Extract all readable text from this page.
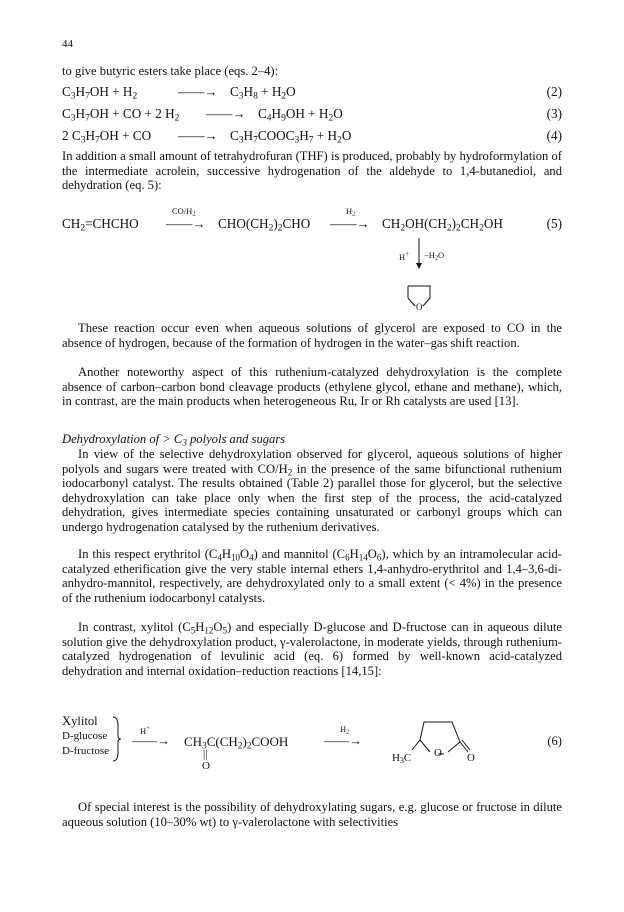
44
to give butyric esters take place (eqs. 2–4):
$C_3H_7OH + H_2$	——→ $C_3H_8 + H_2O$	(2)
$C_3H_7OH$ + CO + 2 $H_2$ ——→ $C_4H_9OH + H_2O$	(3)
2 $C_3H_7OH$ + CO ——→ $C_3H_7COOC_3H_7 + H_2O$	(4)
In addition a small amount of tetrahydrofuran (THF) is produced, probably by hydroformylation of the intermediate acrolein, successive hydrogenation of the aldehyde to 1,4-butanediol, and dehydration (eq. 5):
$CH_2=CHCHO$
$CO/H_2$
——→ $CHO(CH_2)_2CHO$
$H_2$
——→ $CH_2OH(CH_2)_2CH_2OH$	(5)
$H^+ -H_2O$
O
These reaction occur even when aqueous solutions of glycerol are exposed to CO in the absence of hydrogen, because of the formation of hydrogen in the water–gas shift reaction.
Another noteworthy aspect of this ruthenium-catalyzed dehydroxylation is the complete absence of carbon–carbon bond cleavage products (ethylene glycol, ethane and methane), which, in contrast, are the main products when heterogeneous Ru, Ir or Rh catalysts are used [13].
Dehydroxylation of > $C_3$ polyols and sugars
In view of the selective dehydroxylation observed for glycerol, aqueous solutions of higher polyols and sugars were treated with $CO/H_2$ in the presence of the same bifunctional ruthenium iodocarbonyl catalyst. The results obtained (Table 2) parallel those for glycerol, but the selective dehydroxylation can take place only when the first step of the process, the acid-catalyzed dehydration, gives intermediate species containing unsaturated or carbonyl groups which can undergo hydrogenation catalysed by the ruthenium derivatives.
In this respect erythritol $(C_4H_{10}O_4)$ and mannitol $(C_6H_{14}O_6)$, which by an intramolecular acid-catalyzed etherification give the very stable internal ethers 1,4-anhydro-erythritol and 1,4–3,6-di-anhydro-mannitol, respectively, are dehydroxylated only to a small extent (< 4%) in the presence of the ruthenium iodocarbonyl catalysts.
In contrast, xylitol $(C_5H_{12}O_5)$ and especially D-glucose and D-fructose can in aqueous dilute solution give the dehydroxylation product, γ-valerolactone, in moderate yields, through ruthenium-catalyzed hydrogenation of levulinic acid (eq. 6) formed by well-known acid-catalyzed dehydration and internal oxidation–reduction reactions [14,15]:
Xylitol
D-glucose
D-fructose
H+
——→ $CH_3C(CH_2)_2COOH$
||
O
$H_2$
——→
$H_3C$ O O
(6)
Of special interest is the possibility of dehydroxylating sugars, e.g. glucose or fructose in dilute aqueous solution (10–30% wt) to γ-valerolactone with selectivities
